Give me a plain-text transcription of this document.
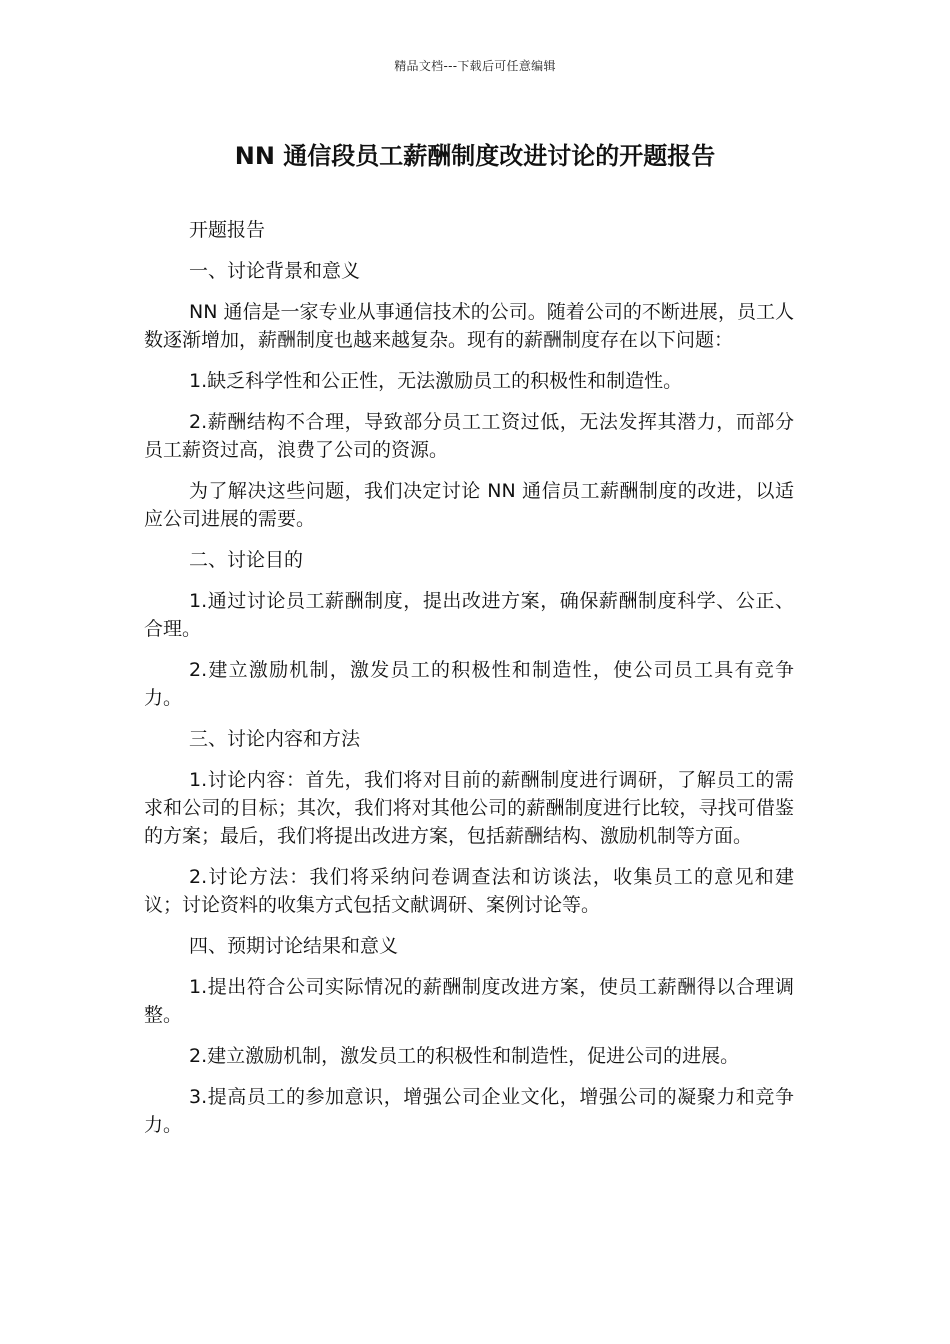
精品文档---下载后可任意编辑
NN 通信段员工薪酬制度改进讨论的开题报告

开题报告

一、讨论背景和意义

NN 通信是一家专业从事通信技术的公司。随着公司的不断进展，员工人数逐渐增加，薪酬制度也越来越复杂。现有的薪酬制度存在以下问题：

1.缺乏科学性和公正性，无法激励员工的积极性和制造性。

2.薪酬结构不合理，导致部分员工工资过低，无法发挥其潜力，而部分员工薪资过高，浪费了公司的资源。

为了解决这些问题，我们决定讨论 NN 通信员工薪酬制度的改进，以适应公司进展的需要。

二、讨论目的

1.通过讨论员工薪酬制度，提出改进方案，确保薪酬制度科学、公正、合理。

2.建立激励机制，激发员工的积极性和制造性，使公司员工具有竞争力。

三、讨论内容和方法

1.讨论内容：首先，我们将对目前的薪酬制度进行调研，了解员工的需求和公司的目标；其次，我们将对其他公司的薪酬制度进行比较，寻找可借鉴的方案；最后，我们将提出改进方案，包括薪酬结构、激励机制等方面。

2.讨论方法：我们将采纳问卷调查法和访谈法，收集员工的意见和建议；讨论资料的收集方式包括文献调研、案例讨论等。

四、预期讨论结果和意义

1.提出符合公司实际情况的薪酬制度改进方案，使员工薪酬得以合理调整。

2.建立激励机制，激发员工的积极性和制造性，促进公司的进展。

3.提高员工的参加意识，增强公司企业文化，增强公司的凝聚力和竞争力。
